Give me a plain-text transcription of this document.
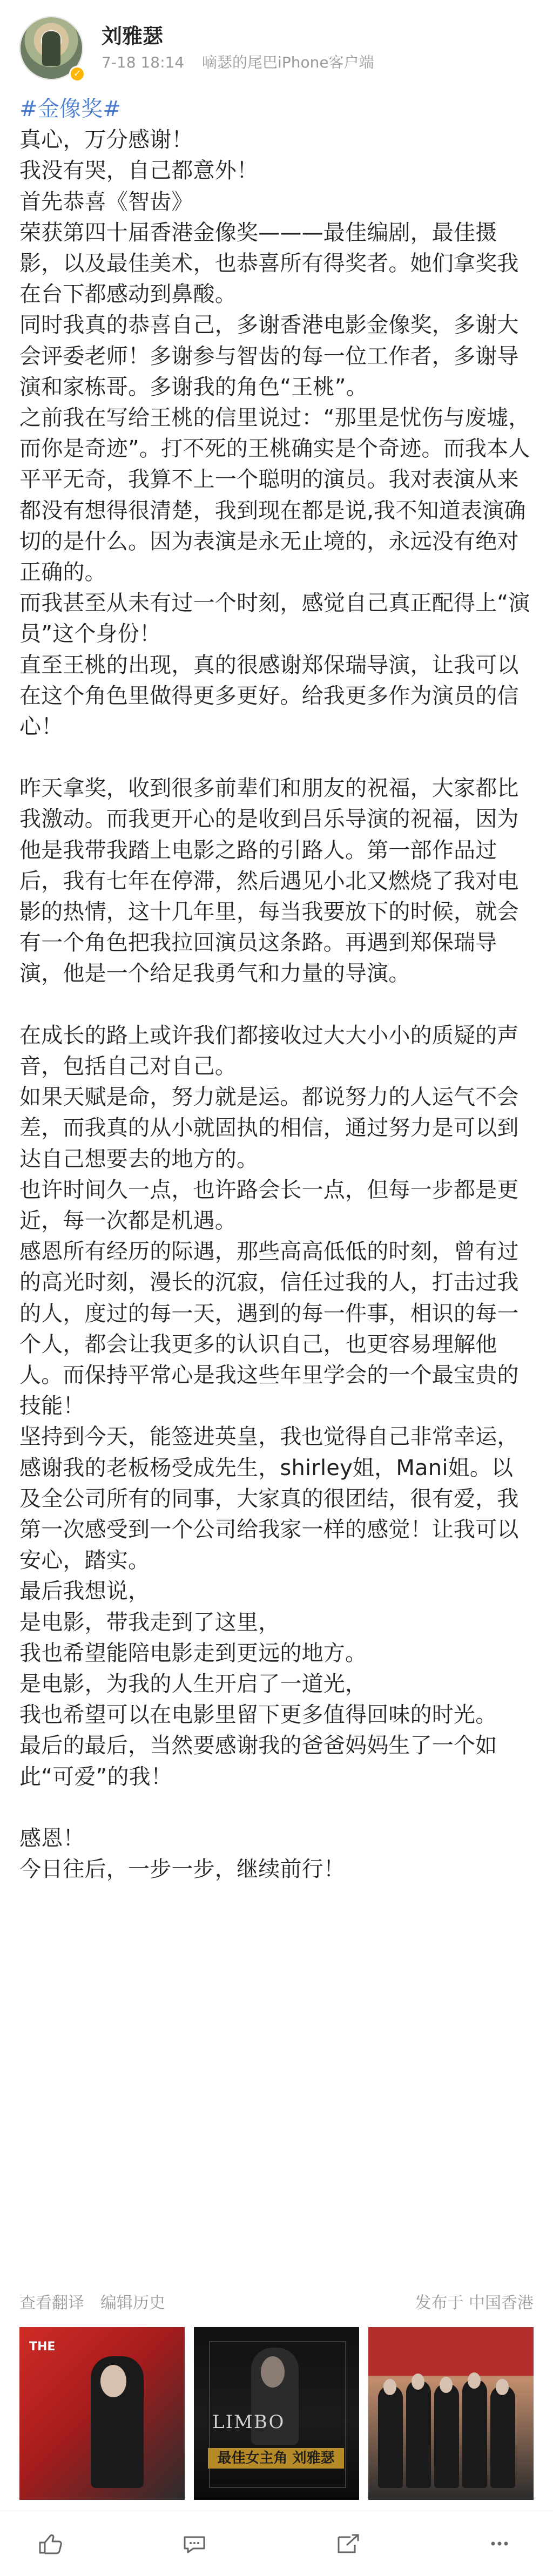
✓
刘雅瑟
7-18 18:14 嘀瑟的尾巴iPhone客户端

#金像奖#

真心，万分感谢！

我没有哭，自己都意外！

首先恭喜《智齿》

荣获第四十届香港金像奖———最佳编剧，最佳摄影，以及最佳美术，也恭喜所有得奖者。她们拿奖我在台下都感动到鼻酸。

同时我真的恭喜自己，多谢香港电影金像奖，多谢大会评委老师！多谢参与智齿的每一位工作者，多谢导演和家栋哥。多谢我的角色“王桃”。

之前我在写给王桃的信里说过：“那里是忧伤与废墟，而你是奇迹”。打不死的王桃确实是个奇迹。而我本人平平无奇，我算不上一个聪明的演员。我对表演从来都没有想得很清楚，我到现在都是说,我不知道表演确切的是什么。因为表演是永无止境的，永远没有绝对正确的。

而我甚至从未有过一个时刻，感觉自己真正配得上“演员”这个身份！

直至王桃的出现，真的很感谢郑保瑞导演，让我可以在这个角色里做得更多更好。给我更多作为演员的信心！

昨天拿奖，收到很多前辈们和朋友的祝福，大家都比我激动。而我更开心的是收到吕乐导演的祝福，因为他是我带我踏上电影之路的引路人。第一部作品过后，我有七年在停滞，然后遇见小北又燃烧了我对电影的热情，这十几年里，每当我要放下的时候，就会有一个角色把我拉回演员这条路。再遇到郑保瑞导演，他是一个给足我勇气和力量的导演。

在成长的路上或许我们都接收过大大小小的质疑的声音，包括自己对自己。

如果天赋是命，努力就是运。都说努力的人运气不会差，而我真的从小就固执的相信，通过努力是可以到达自己想要去的地方的。

也许时间久一点，也许路会长一点，但每一步都是更近，每一次都是机遇。

感恩所有经历的际遇，那些高高低低的时刻，曾有过的高光时刻，漫长的沉寂，信任过我的人，打击过我的人，度过的每一天，遇到的每一件事，相识的每一个人，都会让我更多的认识自己，也更容易理解他人。而保持平常心是我这些年里学会的一个最宝贵的技能！

坚持到今天，能签进英皇，我也觉得自己非常幸运，感谢我的老板杨受成先生，shirley姐，Mani姐。以及全公司所有的同事，大家真的很团结，很有爱，我第一次感受到一个公司给我家一样的感觉！让我可以安心，踏实。

最后我想说，

是电影，带我走到了这里，

我也希望能陪电影走到更远的地方。

是电影，为我的人生开启了一道光，

我也希望可以在电影里留下更多值得回味的时光。

最后的最后，当然要感谢我的爸爸妈妈生了一个如此“可爱”的我！

感恩！

今日往后，一步一步，继续前行！

查看翻译 编辑历史	发布于 中国香港
THE
LIMBO
最佳女主角 刘雅瑟
